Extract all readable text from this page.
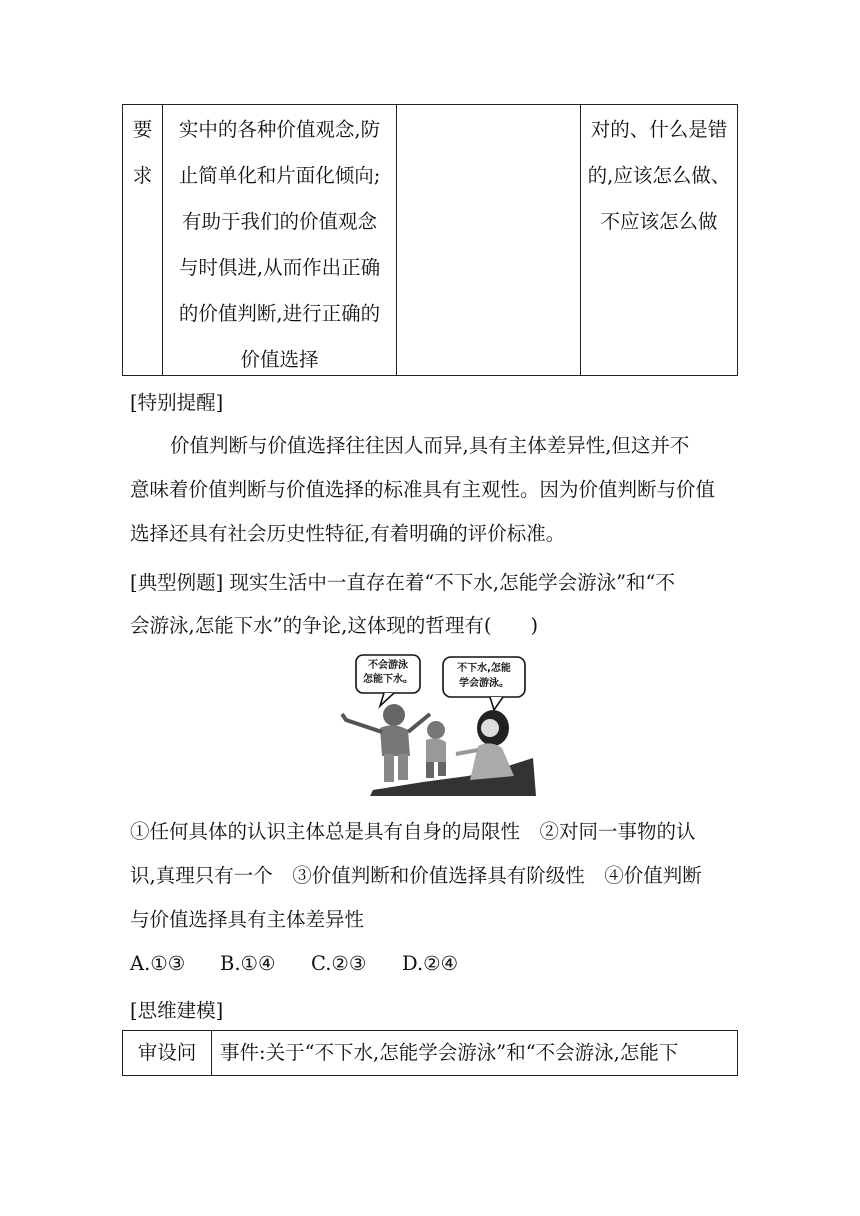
要
求
实中的各种价值观念,防
止简单化和片面化倾向;
有助于我们的价值观念
与时俱进,从而作出正确
的价值判断,进行正确的
价值选择
对的、什么是错
的,应该怎么做、
不应该怎么做
[特别提醒]
价值判断与价值选择往往因人而异,具有主体差异性,但这并不
意味着价值判断与价值选择的标准具有主观性。因为价值判断与价值
选择还具有社会历史性特征,有着明确的评价标准。
[典型例题] 现实生活中一直存在着“不下水,怎能学会游泳”和“不
会游泳,怎能下水”的争论,这体现的哲理有(　　)
不会游泳
怎能下水。
不下水,怎能
学会游泳。
①任何具体的认识主体总是具有自身的局限性　②对同一事物的认
识,真理只有一个　③价值判断和价值选择具有阶级性　④价值判断
与价值选择具有主体差异性
A.①③ B.①④ C.②③ D.②④
[思维建模]
审设问	事件:关于“不下水,怎能学会游泳”和“不会游泳,怎能下
